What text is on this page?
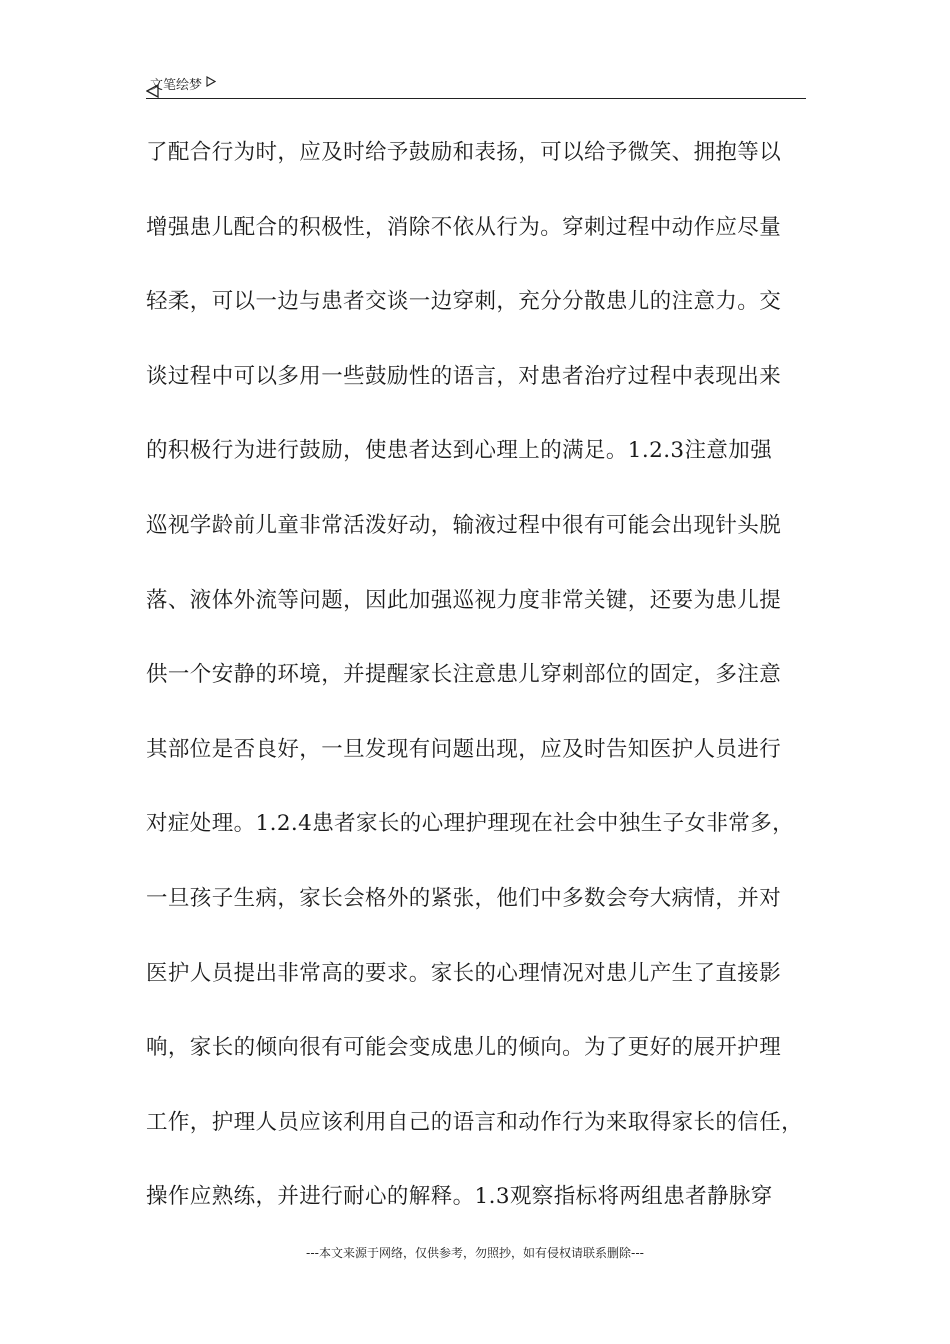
文笔绘梦
了配合行为时，应及时给予鼓励和表扬，可以给予微笑、拥抱等以
增强患儿配合的积极性，消除不依从行为。穿刺过程中动作应尽量
轻柔，可以一边与患者交谈一边穿刺，充分分散患儿的注意力。交
谈过程中可以多用一些鼓励性的语言，对患者治疗过程中表现出来
的积极行为进行鼓励，使患者达到心理上的满足。1.2.3注意加强
巡视学龄前儿童非常活泼好动，输液过程中很有可能会出现针头脱
落、液体外流等问题，因此加强巡视力度非常关键，还要为患儿提
供一个安静的环境，并提醒家长注意患儿穿刺部位的固定，多注意
其部位是否良好，一旦发现有问题出现，应及时告知医护人员进行
对症处理。1.2.4患者家长的心理护理现在社会中独生子女非常多，
一旦孩子生病，家长会格外的紧张，他们中多数会夸大病情，并对
医护人员提出非常高的要求。家长的心理情况对患儿产生了直接影
响，家长的倾向很有可能会变成患儿的倾向。为了更好的展开护理
工作，护理人员应该利用自己的语言和动作行为来取得家长的信任，
操作应熟练，并进行耐心的解释。1.3观察指标将两组患者静脉穿
---本文来源于网络，仅供参考，勿照抄，如有侵权请联系删除---
